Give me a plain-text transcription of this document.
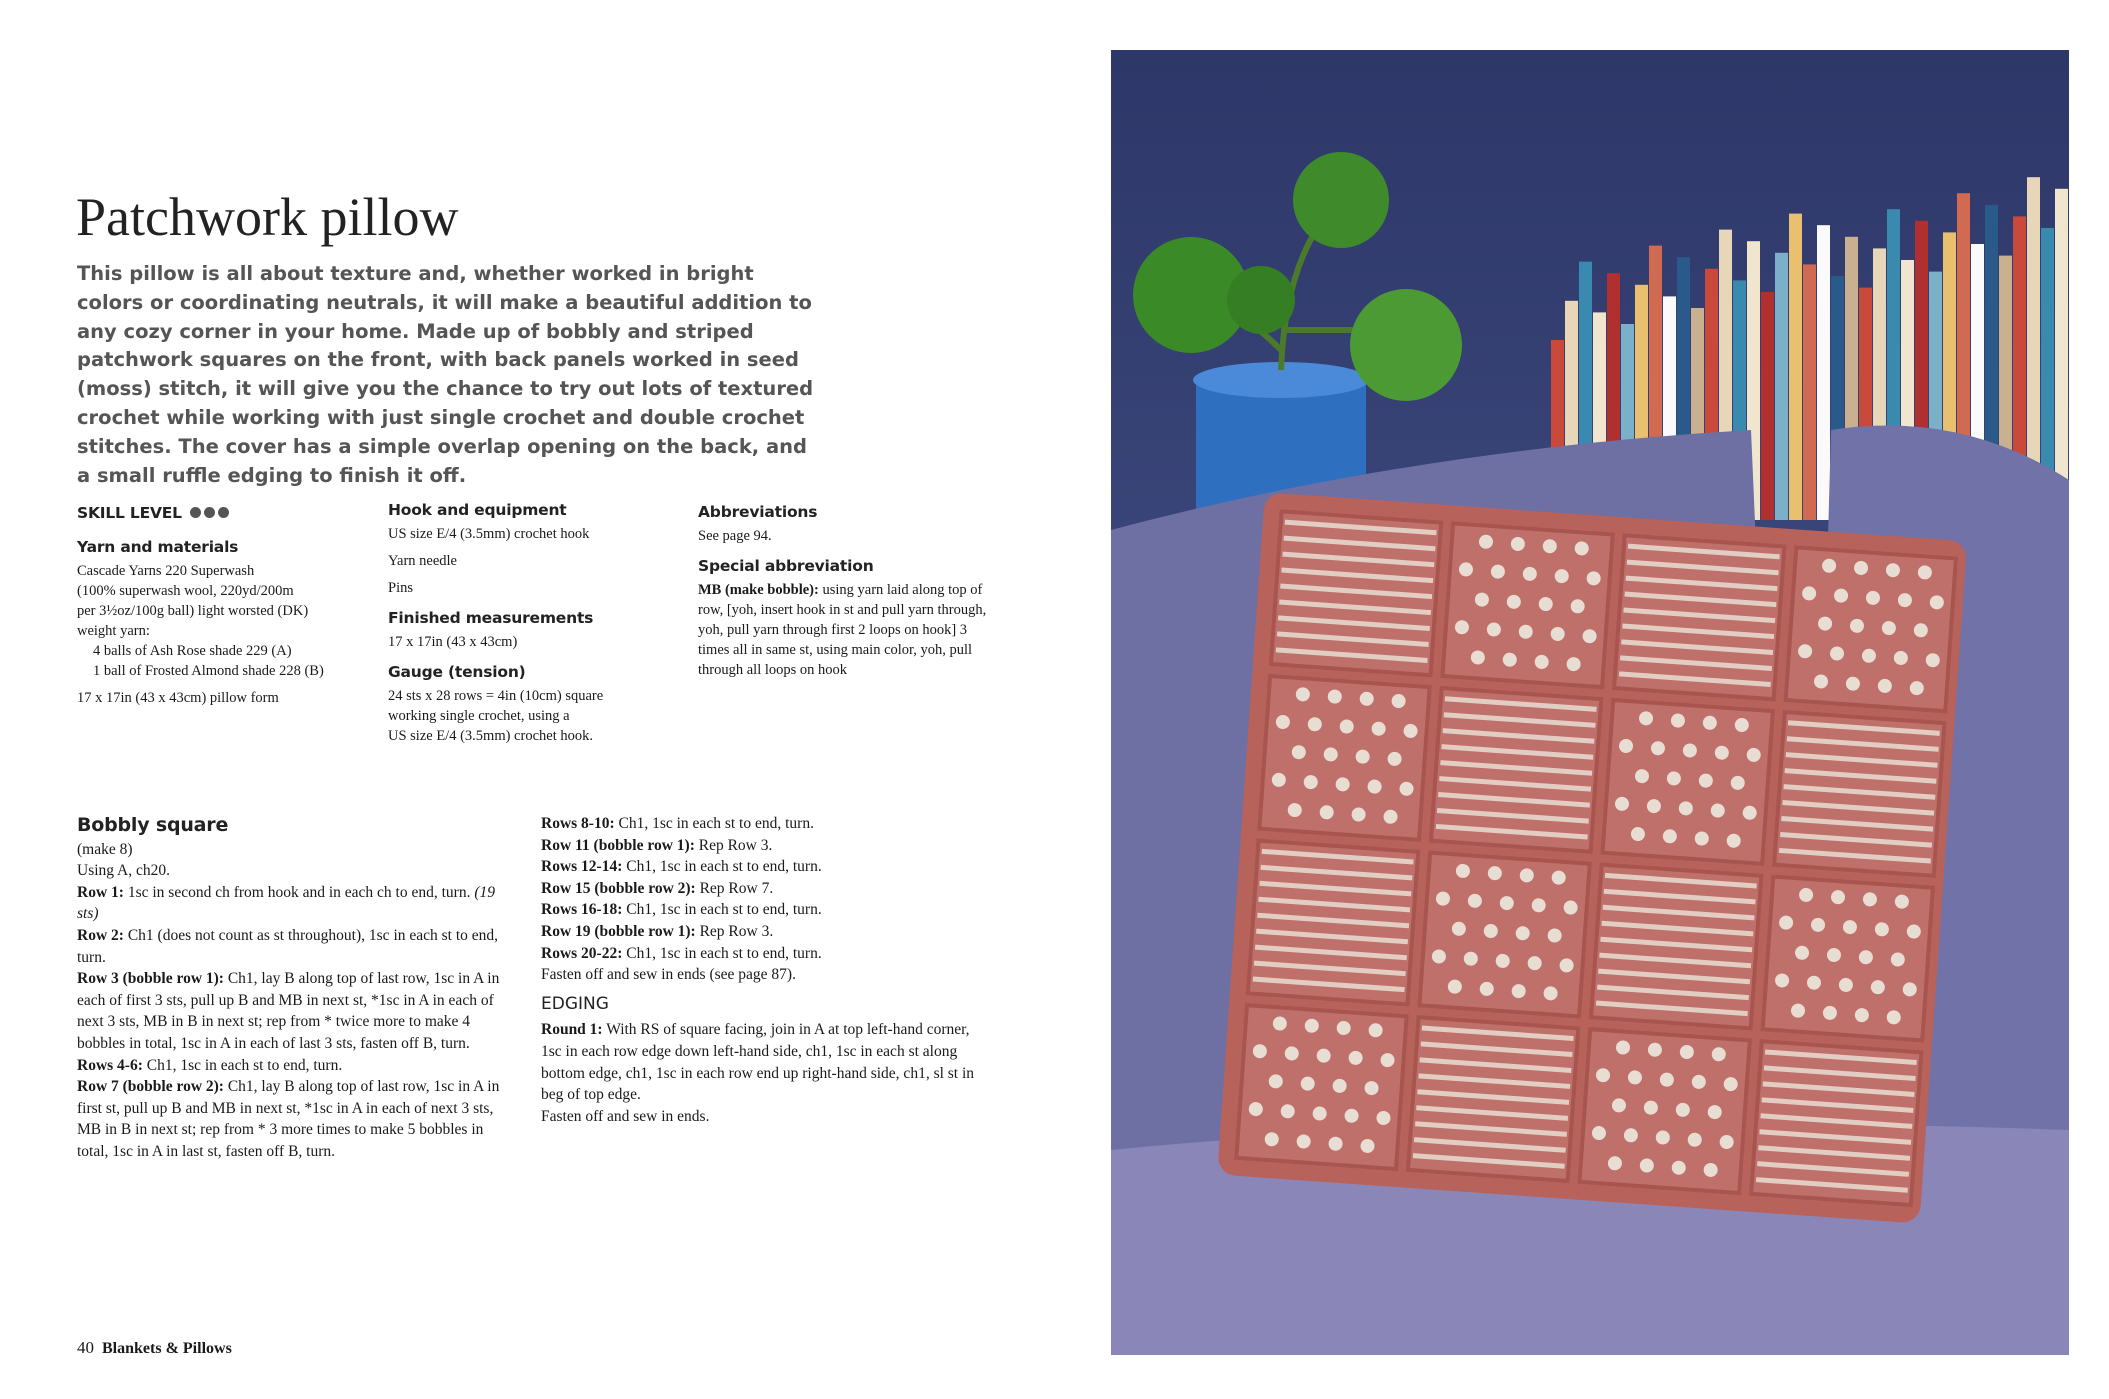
Patchwork pillow
This pillow is all about texture and, whether worked in bright colors or coordinating neutrals, it will make a beautiful addition to any cozy corner in your home. Made up of bobbly and striped patchwork squares on the front, with back panels worked in seed (moss) stitch, it will give you the chance to try out lots of textured crochet while working with just single crochet and double crochet stitches. The cover has a simple overlap opening on the back, and a small ruffle edging to finish it off.
SKILL LEVEL
Yarn and materials
Cascade Yarns 220 Superwash
(100% superwash wool, 220yd/200m
per 3½oz/100g ball) light worsted (DK)
weight yarn:
4 balls of Ash Rose shade 229 (A)
1 ball of Frosted Almond shade 228 (B)
17 x 17in (43 x 43cm) pillow form
Hook and equipment

US size E/4 (3.5mm) crochet hook

Yarn needle

Pins

Finished measurements

17 x 17in (43 x 43cm)

Gauge (tension)
24 sts x 28 rows = 4in (10cm) square
working single crochet, using a
US size E/4 (3.5mm) crochet hook.
Abbreviations

See page 94.

Special abbreviation
MB (make bobble): using yarn laid along top of row, [yoh, insert hook in st and pull yarn through, yoh, pull yarn through first 2 loops on hook] 3 times all in same st, using main color, yoh, pull through all loops on hook
Bobbly square

(make 8)

Using A, ch20.

Row 1: 1sc in second ch from hook and in each ch to end, turn. (19 sts)

Row 2: Ch1 (does not count as st throughout), 1sc in each st to end, turn.

Row 3 (bobble row 1): Ch1, lay B along top of last row, 1sc in A in each of first 3 sts, pull up B and MB in next st, *1sc in A in each of next 3 sts, MB in B in next st; rep from * twice more to make 4 bobbles in total, 1sc in A in each of last 3 sts, fasten off B, turn.

Rows 4-6: Ch1, 1sc in each st to end, turn.

Row 7 (bobble row 2): Ch1, lay B along top of last row, 1sc in A in first st, pull up B and MB in next st, *1sc in A in each of next 3 sts, MB in B in next st; rep from * 3 more times to make 5 bobbles in total, 1sc in A in last st, fasten off B, turn.

Rows 8-10: Ch1, 1sc in each st to end, turn.

Row 11 (bobble row 1): Rep Row 3.

Rows 12-14: Ch1, 1sc in each st to end, turn.

Row 15 (bobble row 2): Rep Row 7.

Rows 16-18: Ch1, 1sc in each st to end, turn.

Row 19 (bobble row 1): Rep Row 3.

Rows 20-22: Ch1, 1sc in each st to end, turn.

Fasten off and sew in ends (see page 87).

EDGING

Round 1: With RS of square facing, join in A at top left-hand corner, 1sc in each row edge down left-hand side, ch1, 1sc in each st along bottom edge, ch1, 1sc in each row end up right-hand side, ch1, sl st in beg of top edge.

Fasten off and sew in ends.

40 Blankets & Pillows
